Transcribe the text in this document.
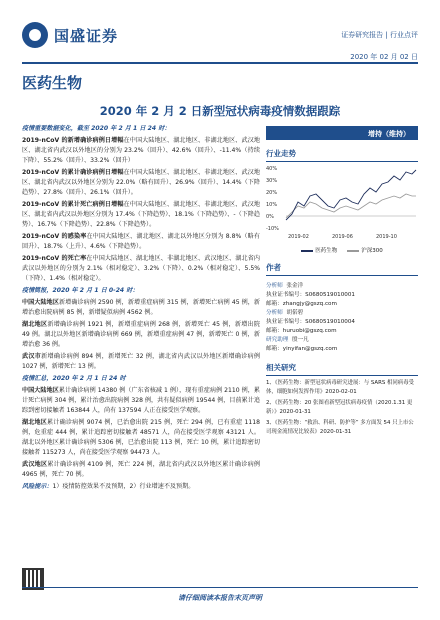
国盛证券	证券研究报告 | 行业点评
2020 年 02 月 02 日
医药生物
2020 年 2 月 2 日新型冠状病毒疫情数据跟踪

疫情重要数据变化，截至 2020 年 2 月 1 日 24 时：

2019-nCoV 的新增确诊病例日增幅在中国大陆地区、湖北地区、非湖北地区、武汉地区、湖北省内武汉以外地区的分别为 23.2%（回升）、42.6%（回升）、-11.4%（持续下降）、55.2%（回升）、33.2%（回升）

2019-nCoV 的累计确诊病例日增幅在中国大陆地区、湖北地区、非湖北地区、武汉地区、湖北省内武汉以外地区分别为 22.0%（略有回升）、26.9%（回升）、14.4%（下降趋势）、27.8%（回升）、26.1%（回升）。

2019-nCoV 的累计死亡病例日增幅在中国大陆地区、湖北地区、非湖北地区、武汉地区、湖北省内武汉以外地区分别为 17.4%（下降趋势）、18.1%（下降趋势）、-（下降趋势）、16.7%（下降趋势）、22.8%（下降趋势）。

2019-nCoV 的感染率在中国大陆地区、湖北地区、湖北以外地区分别为 8.8%（略有回升）、18.7%（上升）、4.6%（下降趋势）。

2019-nCoV 的死亡率在中国大陆地区、湖北地区、非湖北地区、武汉地区、湖北省内武汉以外地区的分别为 2.1%（相对稳定）、3.2%（下降）、0.2%（相对稳定）、5.5%（下降）、1.4%（相对稳定）。

疫情简报，2020 年 2 月 1 日 0-24 时：

中国大陆地区新增确诊病例 2590 例，新增重症病例 315 例，新增死亡病例 45 例，新增治愈出院病例 85 例，新增疑似病例 4562 例。

湖北地区新增确诊病例 1921 例，新增重症病例 268 例，新增死亡 45 例，新增出院 49 例。湖北以外地区新增确诊病例 669 例，新增重症病例 47 例，新增死亡 0 例，新增治愈 36 例。

武汉市新增确诊病例 894 例，新增死亡 32 例，湖北省内武汉以外地区新增确诊病例 1027 例，新增死亡 13 例。

疫情汇总，2020 年 2 月 1 日 24 时

中国大陆地区累计确诊病例 14380 例（广东省核减 1 例），现有重症病例 2110 例，累计死亡病例 304 例，累计治愈出院病例 328 例，共有疑似病例 19544 例，目前累计追踪到密切接触者 163844 人，尚有 137594 人正在接受医学观察。

湖北地区累计确诊病例 9074 例，已治愈出院 215 例，死亡 294 例，已有重症 1118 例，危重症 444 例，累计追踪密切接触者 48571 人，尚在接受医学观察 43121 人。湖北以外地区累计确诊病例 5306 例，已治愈出院 113 例，死亡 10 例，累计追踪密切接触者 115273 人，尚在接受医学观察 94473 人。

武汉地区累计确诊病例 4109 例，死亡 224 例，湖北省内武汉以外地区累计确诊病例 4965 例，死亡 70 例。

风险提示：1）疫情防控效果不及预期，2）行业增速不及预期。

增持（维持）
行业走势
40%
30%
20%
10%
0%
-10%
2019-02	2019-06	2019-10
医药生物	沪深300
作者
分析师 张金洋
执业证书编号：S0680519010001
邮箱：zhangjy@gszq.com
分析师 胡偌碧
执业证书编号：S0680519010004
邮箱：huruobi@gszq.com
研究助理 殷一凡
邮箱：yinyifan@gszq.com
相关研究

1、《医药生物：新型冠状病毒研究进展：与 SARS 相同病毒受体，细胞如何发挥作用》2020-02-01

2、《医药生物：20 张图看新型冠状病毒疫情（2020.1.31 更新）》2020-01-31

3、《医药生物：“救治、科研、防护等” 多方面发 54 只上市公司现金流情况比较表》2020-01-31

请仔细阅读本报告末页声明
